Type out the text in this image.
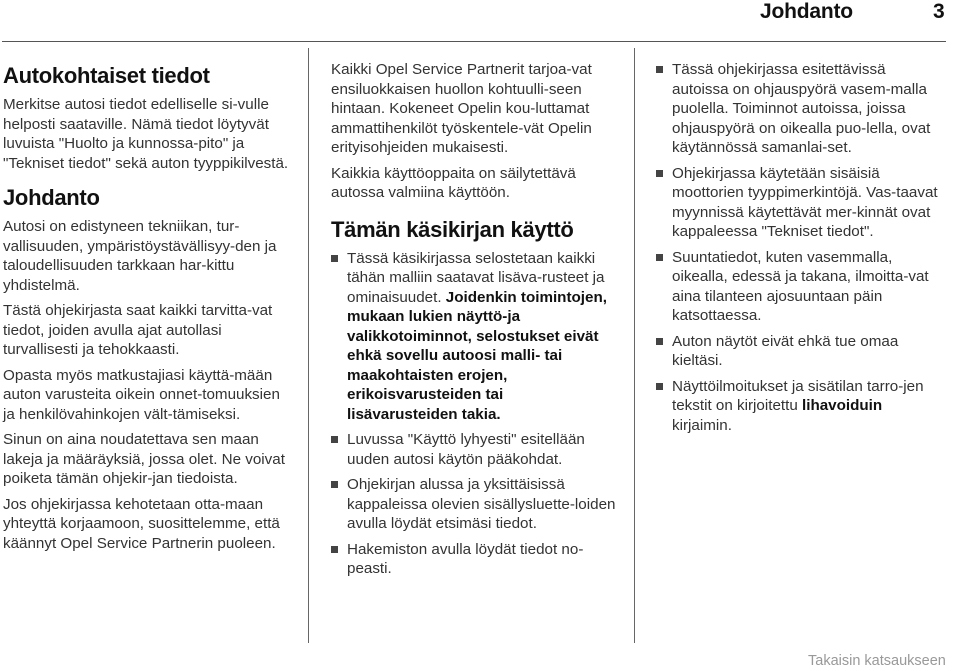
Johdanto	3
Autokohtaiset tiedot

Merkitse autosi tiedot edelliselle si-vulle helposti saataville. Nämä tiedot löytyvät luvuista "Huolto ja kunnossa-pito" ja "Tekniset tiedot" sekä auton tyyppikilvestä.

Johdanto

Autosi on edistyneen tekniikan, tur-vallisuuden, ympäristöystävällisyy-den ja taloudellisuuden tarkkaan har-kittu yhdistelmä.

Tästä ohjekirjasta saat kaikki tarvitta-vat tiedot, joiden avulla ajat autollasi turvallisesti ja tehokkaasti.

Opasta myös matkustajiasi käyttä-mään auton varusteita oikein onnet-tomuuksien ja henkilövahinkojen vält-tämiseksi.

Sinun on aina noudatettava sen maan lakeja ja määräyksiä, jossa olet. Ne voivat poiketa tämän ohjekir-jan tiedoista.

Jos ohjekirjassa kehotetaan otta-maan yhteyttä korjaamoon, suosittelemme, että käännyt Opel Service Partnerin puoleen.

Kaikki Opel Service Partnerit tarjoa-vat ensiluokkaisen huollon kohtuulli-seen hintaan. Kokeneet Opelin kou-luttamat ammattihenkilöt työskentele-vät Opelin erityisohjeiden mukaisesti.

Kaikkia käyttöoppaita on säilytettävä autossa valmiina käyttöön.

Tämän käsikirjan käyttö
Tässä käsikirjassa selostetaan kaikki tähän malliin saatavat lisäva-rusteet ja ominaisuudet. Joidenkin toimintojen, mukaan lukien näyttö-ja valikkotoiminnot, selostukset eivät ehkä sovellu autoosi malli- tai maakohtaisten erojen, erikoisvarusteiden tai lisävarusteiden takia.
Luvussa "Käyttö lyhyesti" esitellään uuden autosi käytön pääkohdat.
Ohjekirjan alussa ja yksittäisissä kappaleissa olevien sisällysluette-loiden avulla löydät etsimäsi tiedot.
Hakemiston avulla löydät tiedot no-peasti.
Tässä ohjekirjassa esitettävissä autoissa on ohjauspyörä vasem-malla puolella. Toiminnot autoissa, joissa ohjauspyörä on oikealla puo-lella, ovat käytännössä samanlai-set.
Ohjekirjassa käytetään sisäisiä moottorien tyyppimerkintöjä. Vas-taavat myynnissä käytettävät mer-kinnät ovat kappaleessa "Tekniset tiedot".
Suuntatiedot, kuten vasemmalla, oikealla, edessä ja takana, ilmoitta-vat aina tilanteen ajosuuntaan päin katsottaessa.
Auton näytöt eivät ehkä tue omaa kieltäsi.
Näyttöilmoitukset ja sisätilan tarro-jen tekstit on kirjoitettu lihavoiduin kirjaimin.
Takaisin katsaukseen
